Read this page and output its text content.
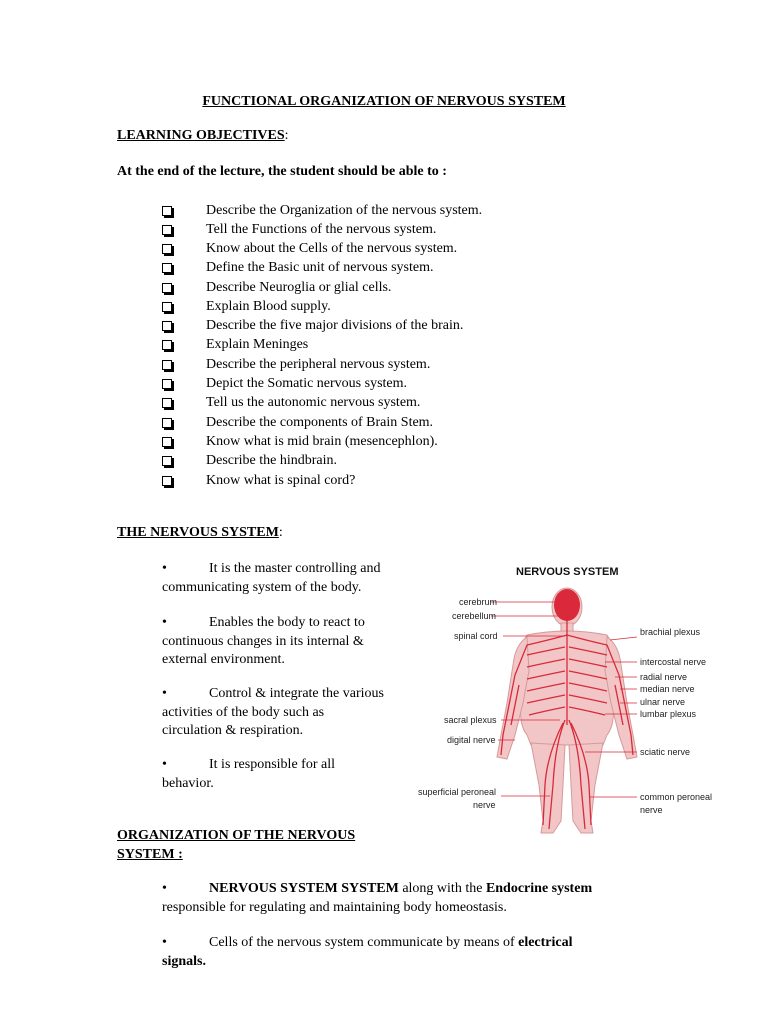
FUNCTIONAL ORGANIZATION OF NERVOUS SYSTEM
LEARNING OBJECTIVES:
At the end of the lecture, the student should be able to :
Describe the Organization of the nervous system.
Tell the Functions of the nervous system.
Know about the Cells of the nervous system.
Define the Basic unit of nervous system.
Describe Neuroglia or glial cells.
Explain Blood supply.
Describe the five major divisions of the brain.
Explain Meninges
Describe the peripheral nervous system.
Depict the Somatic nervous system.
Tell us the autonomic nervous system.
Describe the components of Brain Stem.
Know what is mid brain (mesencephlon).
Describe the hindbrain.
Know what is spinal cord?
THE NERVOUS SYSTEM:
•	It is the master controlling and
communicating system of the body.
•	Enables the body to react to
continuous changes in its internal &
external environment.
•	Control & integrate the various
activities of the body such as
circulation & respiration.
•	It is responsible for all
behavior.
NERVOUS SYSTEM
cerebrum
cerebellum
spinal cord
sacral plexus
digital nerve
superficial peroneal
nerve
brachial plexus
intercostal nerve
radial nerve
median nerve
ulnar nerve
lumbar plexus
sciatic nerve
common peroneal
nerve
ORGANIZATION OF THE NERVOUS
SYSTEM :
•	NERVOUS SYSTEM SYSTEM along with the Endocrine system
responsible for regulating and maintaining body homeostasis.
•	Cells of the nervous system communicate by means of electrical
signals.
